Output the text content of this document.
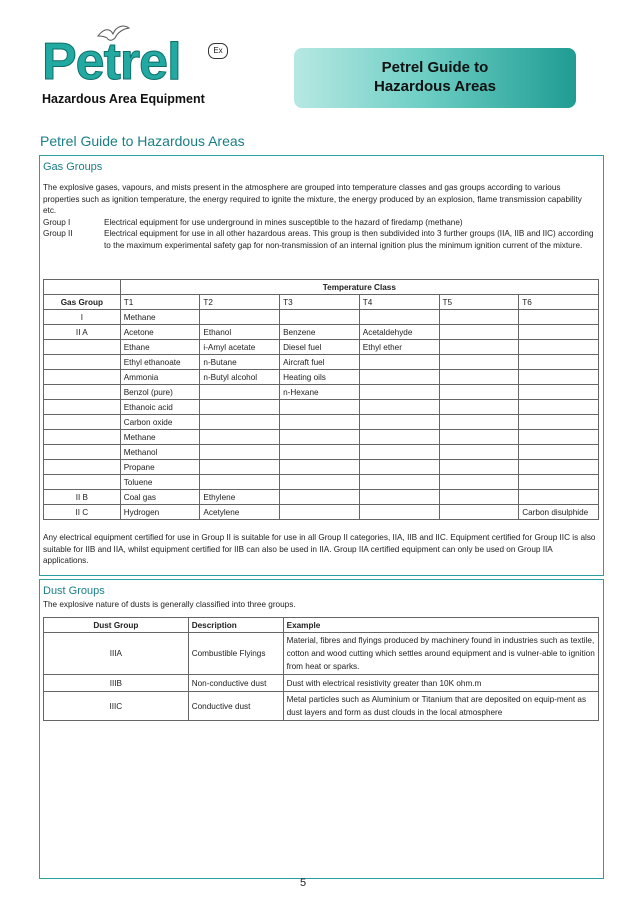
Petrel	Ex
Hazardous Area Equipment
Petrel Guide to
Hazardous Areas
Petrel Guide to Hazardous Areas
Gas Groups
The explosive gases, vapours, and mists present in the atmosphere are grouped into temperature classes and gas groups according to various properties such as ignition temperature, the energy required to ignite the mixture, the energy produced by an explosion, flame transmission capability etc.
Group I	Electrical equipment for use underground in mines susceptible to the hazard of firedamp (methane)
Group II	Electrical equipment for use in all other hazardous areas. This group is then subdivided into 3 further groups (IIA, IIB and IIC) according to the maximum experimental safety gap for non-transmission of an internal ignition plus the minimum ignition current of the mixture.
	Temperature Class					
Gas Group	T1	T2	T3	T4	T5	T6
I	Methane					
II A	Acetone	Ethanol	Benzene	Acetaldehyde		
	Ethane	i-Amyl acetate	Diesel fuel	Ethyl ether		
	Ethyl ethanoate	n-Butane	Aircraft fuel			
	Ammonia	n-Butyl alcohol	Heating oils			
	Benzol (pure)		n-Hexane			
	Ethanoic acid					
	Carbon oxide					
	Methane					
	Methanol					
	Propane					
	Toluene					
II B	Coal gas	Ethylene				
II C	Hydrogen	Acetylene				Carbon disulphide
Any electrical equipment certified for use in Group II is suitable for use in all Group II categories, IIA, IIB and IIC. Equipment certified for Group IIC is also suitable for IIB and IIA, whilst equipment certified for IIB can also be used in IIA. Group IIA certified equipment can only be used on Group IIA applications.
Dust Groups
The explosive nature of dusts is generally classified into three groups.
Dust Group	Description	Example
IIIA	Combustible Flyings	Material, fibres and flyings produced by machinery found in industries such as textile, cotton and wood cutting which settles around equipment and is vulner-able to ignition from heat or sparks.
IIIB	Non-conductive dust	Dust with electrical resistivity greater than 10K ohm.m
IIIC	Conductive dust	Metal particles such as Aluminium or Titanium that are deposited on equip-ment as dust layers and form as dust clouds in the local atmosphere
5
